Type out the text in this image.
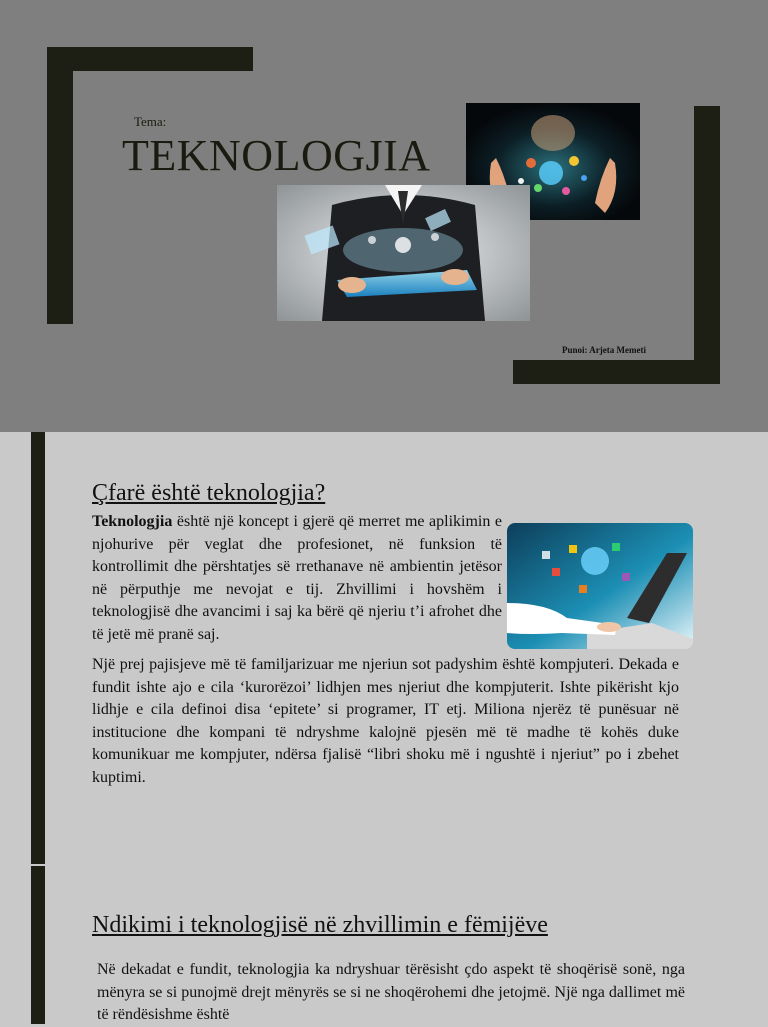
Tema:
TEKNOLOGJIA
Punoi: Arjeta Memeti
Çfarë është teknologjia?
Teknologjia është një koncept i gjerë që merret me aplikimin e njohurive për veglat dhe profesionet, në funksion të kontrollimit dhe përshtatjes së rrethanave në ambientin jetësor në përputhje me nevojat e tij. Zhvillimi i hovshëm i teknologjisë dhe avancimi i saj ka bërë që njeriu t’i afrohet dhe të jetë më pranë saj.
Një prej pajisjeve më të familjarizuar me njeriun sot padyshim është kompjuteri. Dekada e fundit ishte ajo e cila ‘kurorëzoi’ lidhjen mes njeriut dhe kompjuterit. Ishte pikërisht kjo lidhje e cila definoi disa ‘epitete’ si programer, IT etj. Miliona njerëz të punësuar në institucione dhe kompani të ndryshme kalojnë pjesën më të madhe të kohës duke komunikuar me kompjuter, ndërsa fjalisë “libri shoku më i ngushtë i njeriut” po i zbehet kuptimi.
Ndikimi i teknologjisë në zhvillimin e fëmijëve
Në dekadat e fundit, teknologjia ka ndryshuar tërësisht çdo aspekt të shoqërisë sonë, nga mënyra se si punojmë drejt mënyrës se si ne shoqërohemi dhe jetojmë. Një nga dallimet më të rëndësishme është
